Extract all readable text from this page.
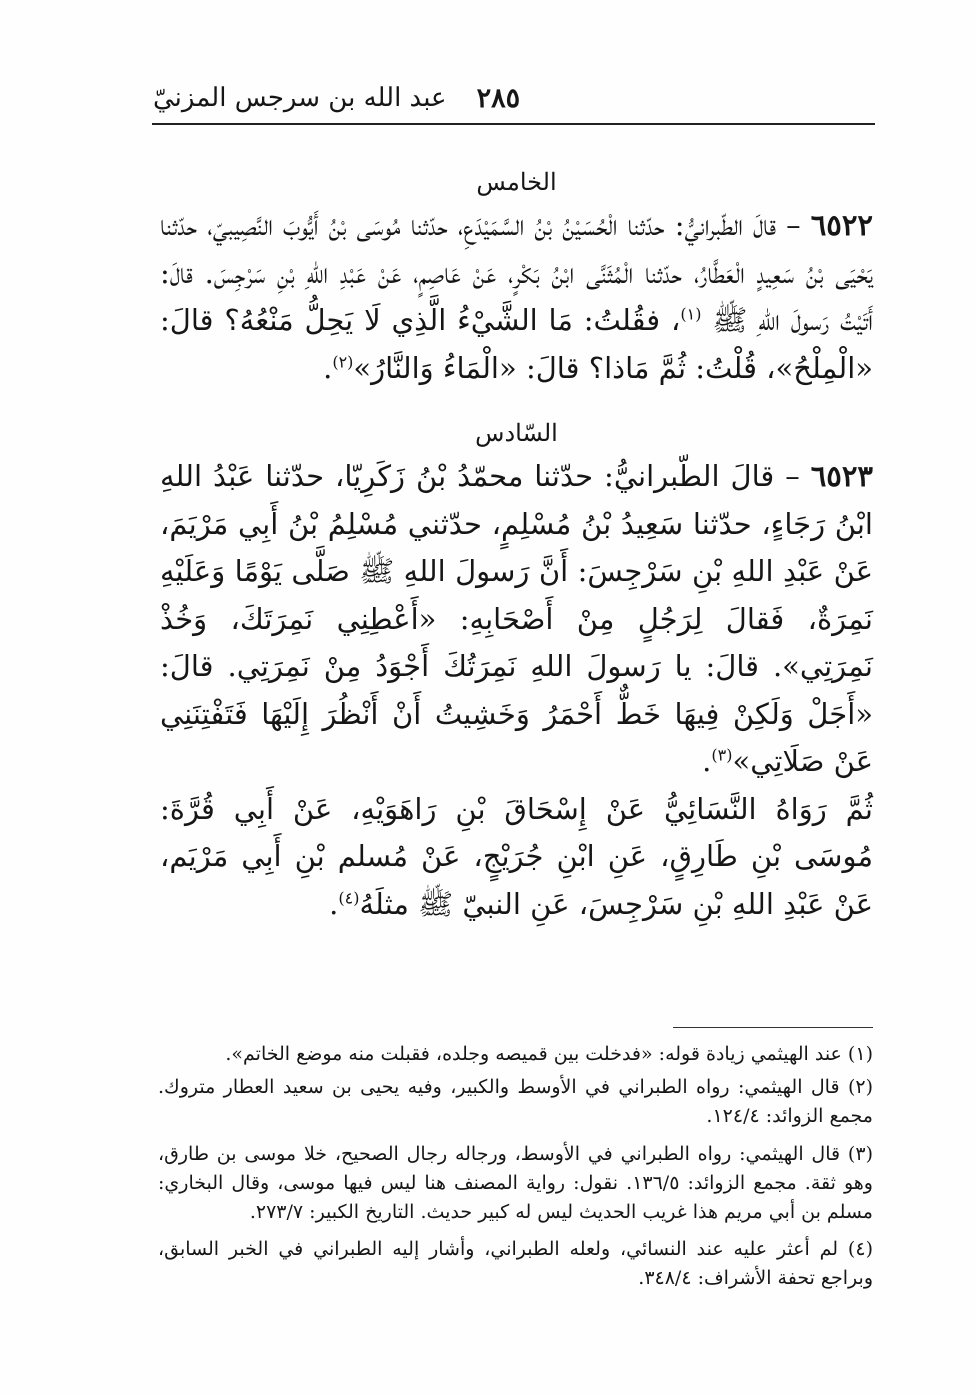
عبد الله بن سرجس المزنيّ ٢٨٥

الخامس

٦٥٢٢ – قالَ الطّبرانيُّ: حدّثنا الْحُسَيْنُ بْنُ السَّمَيْدَعِ، حدّثنا مُوسَى بْنُ أَيُّوبَ النَّصِيبيّ، حدّثنا يَحْيَى بْنُ سَعِيدٍ الْعَطَّارُ، حدّثنا الْمُثَنَّى ابْنُ بَكْرٍ، عَنْ عَاصِمٍ، عَنْ عَبْدِ اللهِ بْنِ سَرْجِسَ. قالَ: أَتَيْتُ رَسولَ اللهِ ﷺ $^{(١)}$، فقُلتُ: مَا الشَّيْءُ الَّذِي لَا يَحِلُّ مَنْعُهُ؟ قالَ: «الْمِلْحُ»، قُلْتُ: ثُمَّ مَاذا؟ قالَ: «الْمَاءُ وَالنَّارُ»$^{(٢)}$.

السّادس

٦٥٢٣ – قالَ الطّبرانيُّ: حدّثنا محمّدُ بْنُ زَكَرِيّا، حدّثنا عَبْدُ اللهِ ابْنُ رَجَاءٍ، حدّثنا سَعِيدُ بْنُ مُسْلِمٍ، حدّثني مُسْلِمُ بْنُ أَبِي مَرْيَمَ، عَنْ عَبْدِ اللهِ بْنِ سَرْجِسَ: أَنَّ رَسولَ اللهِ ﷺ صَلَّى يَوْمًا وَعَلَيْهِ نَمِرَةٌ، فَقالَ لِرَجُلٍ مِنْ أَصْحَابِهِ: «أَعْطِنِي نَمِرَتَكَ، وَخُذْ نَمِرَتِي». قالَ: يا رَسولَ اللهِ نَمِرَتُكَ أَجْوَدُ مِنْ نَمِرَتِي. قالَ: «أَجَلْ وَلَكِنْ فِيهَا خَطٌّ أَحْمَرُ وَخَشِيتُ أَنْ أَنْظُرَ إِلَيْهَا فَتَفْتِنَنِي عَنْ صَلَاتِي»$^{(٣)}$.

ثُمَّ رَوَاهُ النَّسَائِيُّ عَنْ إِسْحَاقَ بْنِ رَاهَوَيْهِ، عَنْ أَبِي قُرَّةَ: مُوسَى بْنِ طَارِقٍ، عَنِ ابْنِ جُرَيْجٍ، عَنْ مُسلم بْنِ أَبِي مَرْيَم، عَنْ عَبْدِ اللهِ بْنِ سَرْجِسَ، عَنِ النبيّ ﷺ مثلَهُ$^{(٤)}$.

(١) عند الهيثمي زيادة قوله: «فدخلت بين قميصه وجلده، فقبلت منه موضع الخاتم».

(٢) قال الهيثمي: رواه الطبراني في الأوسط والكبير، وفيه يحيى بن سعيد العطار متروك. مجمع الزوائد: ١٢٤/٤.

(٣) قال الهيثمي: رواه الطبراني في الأوسط، ورجاله رجال الصحيح، خلا موسى بن طارق، وهو ثقة. مجمع الزوائد: ١٣٦/٥. نقول: رواية المصنف هنا ليس فيها موسى، وقال البخاري: مسلم بن أبي مريم هذا غريب الحديث ليس له كبير حديث. التاريخ الكبير: ٢٧٣/٧.

(٤) لم أعثر عليه عند النسائي، ولعله الطبراني، وأشار إليه الطبراني في الخبر السابق، وبراجع تحفة الأشراف: ٣٤٨/٤.
